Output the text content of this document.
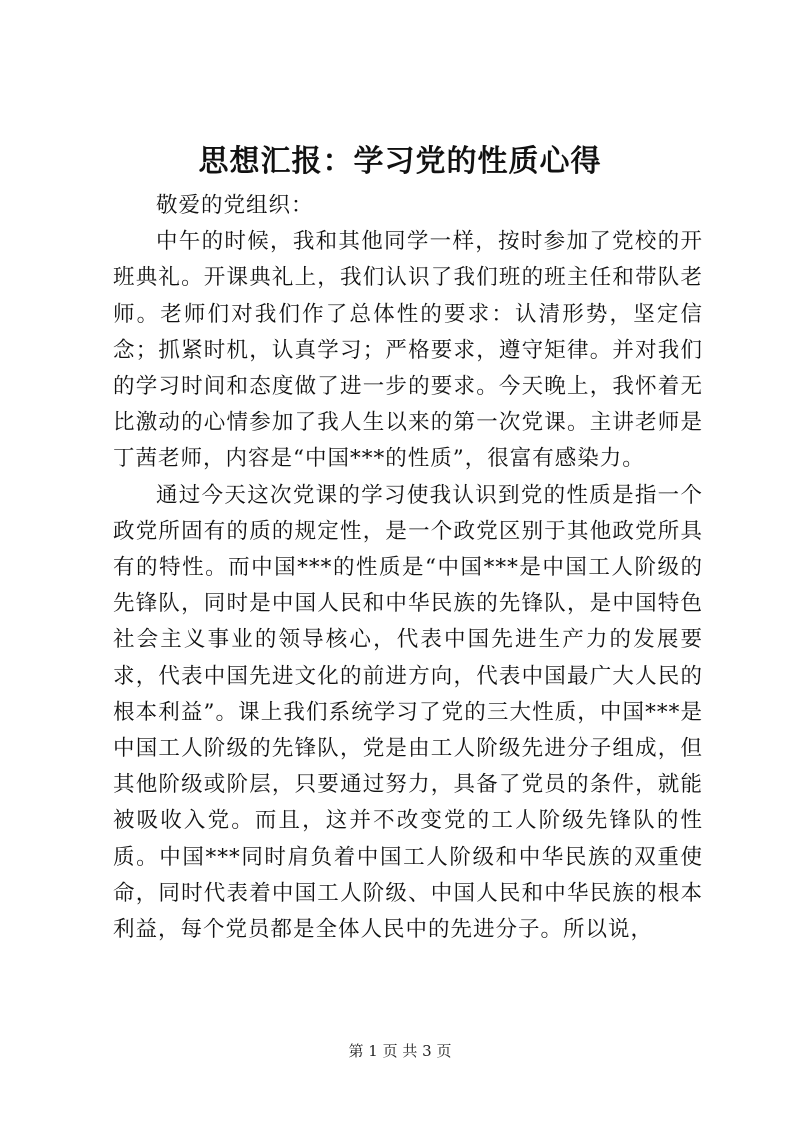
思想汇报：学习党的性质心得

敬爱的党组织：

中午的时候，我和其他同学一样，按时参加了党校的开班典礼。开课典礼上，我们认识了我们班的班主任和带队老师。老师们对我们作了总体性的要求：认清形势，坚定信念；抓紧时机，认真学习；严格要求，遵守矩律。并对我们的学习时间和态度做了进一步的要求。今天晚上，我怀着无比激动的心情参加了我人生以来的第一次党课。主讲老师是丁茜老师，内容是“中国***的性质”，很富有感染力。

通过今天这次党课的学习使我认识到党的性质是指一个政党所固有的质的规定性，是一个政党区别于其他政党所具有的特性。而中国***的性质是“中国***是中国工人阶级的先锋队，同时是中国人民和中华民族的先锋队，是中国特色社会主义事业的领导核心，代表中国先进生产力的发展要求，代表中国先进文化的前进方向，代表中国最广大人民的根本利益”。课上我们系统学习了党的三大性质，中国***是中国工人阶级的先锋队，党是由工人阶级先进分子组成，但其他阶级或阶层，只要通过努力，具备了党员的条件，就能被吸收入党。而且，这并不改变党的工人阶级先锋队的性质。中国***同时肩负着中国工人阶级和中华民族的双重使命，同时代表着中国工人阶级、中国人民和中华民族的根本利益，每个党员都是全体人民中的先进分子。所以说，

第 1 页 共 3 页
